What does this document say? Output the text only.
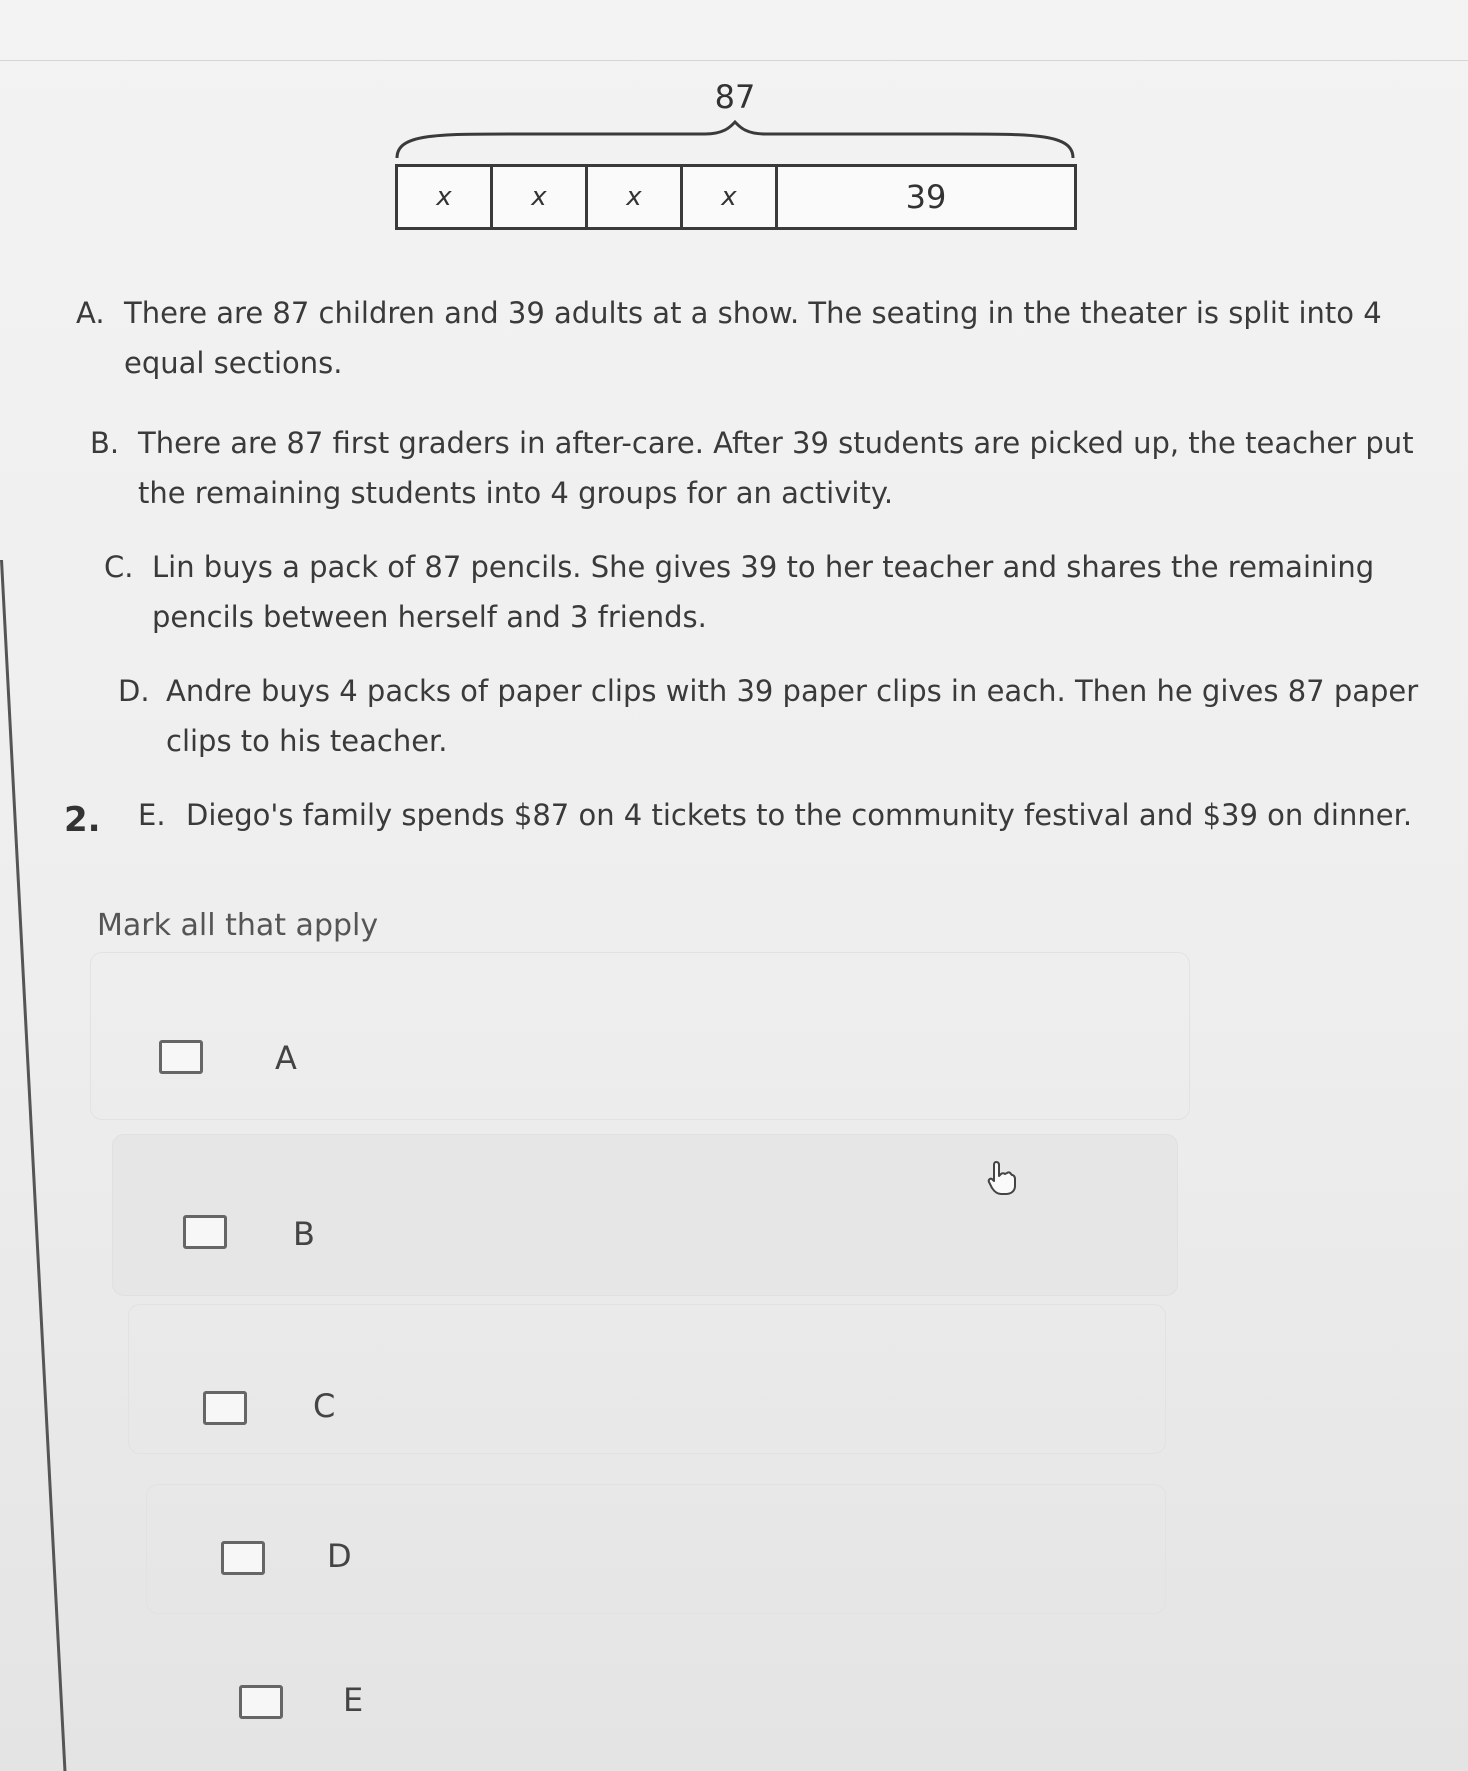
87
x	x	x	x	39
A. There are 87 children and 39 adults at a show. The seating in the theater is split into 4
equal sections.
B. There are 87 first graders in after-care. After 39 students are picked up, the teacher put
the remaining students into 4 groups for an activity.
C. Lin buys a pack of 87 pencils. She gives 39 to her teacher and shares the remaining
pencils between herself and 3 friends.
D. Andre buys 4 packs of paper clips with 39 paper clips in each. Then he gives 87 paper
clips to his teacher.
2. E. Diego's family spends $87 on 4 tickets to the community festival and $39 on dinner.
Mark all that apply
A
B
C
D
E
